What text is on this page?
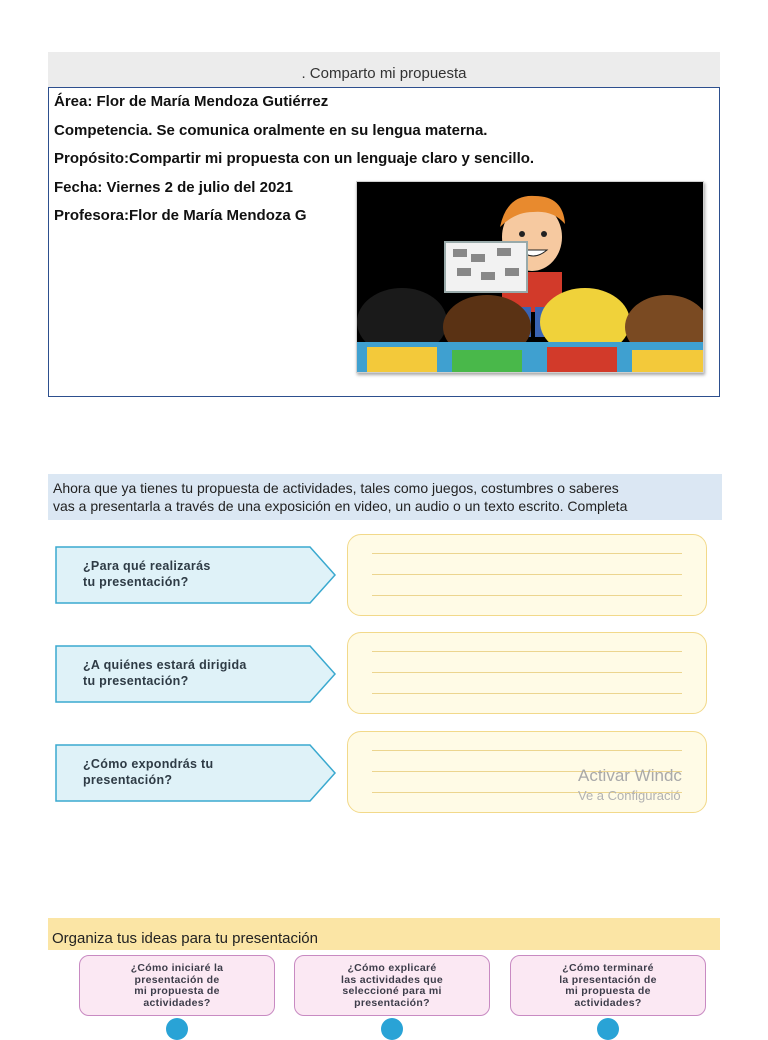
. Comparto mi propuesta
Área: Flor de María Mendoza Gutiérrez
Competencia. Se comunica oralmente en su lengua materna.
Propósito:Compartir mi propuesta con un lenguaje claro y sencillo.
Fecha: Viernes 2 de julio del 2021
Profesora:Flor de María Mendoza G
Ahora que ya tienes tu propuesta de actividades, tales como juegos, costumbres o saberes
vas a presentarla a través de una exposición en video, un audio o un texto escrito. Completa
¿Para qué realizarás
tu presentación?
¿A quiénes estará dirigida
tu presentación?
¿Cómo expondrás tu
presentación?	Activar Windc
Ve a Configuració
Organiza tus ideas para tu presentación
¿Cómo iniciaré la
presentación de
mi propuesta de
actividades?
¿Cómo explicaré
las actividades que
seleccioné para mi
presentación?
¿Cómo terminaré
la presentación de
mi propuesta de
actividades?
